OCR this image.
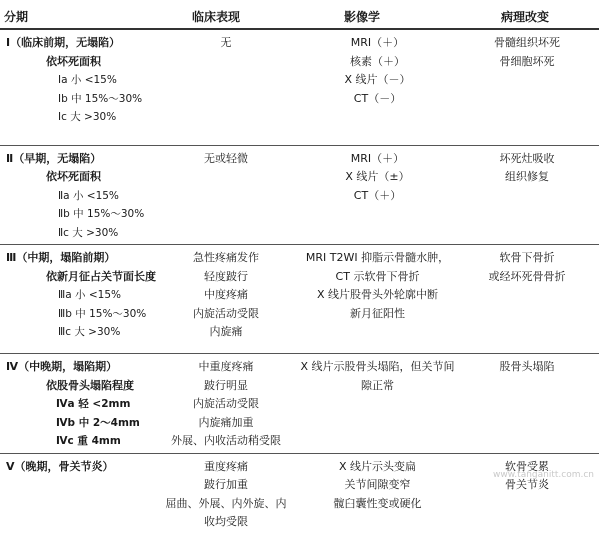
分期	临床表现	影像学	病理改变

Ⅰ（临床前期，无塌陷）
依坏死面积
Ⅰa 小 <15%
Ⅰb 中 15%～30%
Ⅰc 大 >30%	无	MRI（＋）
核素（＋）
X 线片（－）
CT（－）	骨髓组织坏死
骨细胞坏死

Ⅱ（早期，无塌陷）
依坏死面积
Ⅱa 小 <15%
Ⅱb 中 15%～30%
Ⅱc 大 >30%	无或轻微	MRI（＋）
X 线片（±）
CT（＋）	坏死灶吸收
组织修复

Ⅲ（中期，塌陷前期）
依新月征占关节面长度
Ⅲa 小 <15%
Ⅲb 中 15%～30%
Ⅲc 大 >30%	急性疼痛发作
轻度跛行
中度疼痛
内旋活动受限
内旋痛	MRI T2WI 抑脂示骨髓水肿，
CT 示软骨下骨折
X 线片股骨头外轮廓中断
新月征阳性	软骨下骨折
或经坏死骨骨折

Ⅳ（中晚期，塌陷期）
依股骨头塌陷程度
Ⅳa 轻 <2mm
Ⅳb 中 2～4mm
Ⅳc 重 4mm	中重度疼痛
跛行明显
内旋活动受限
内旋痛加重
外展、内收活动稍受限	X 线片示股骨头塌陷，但关节间
隙正常	股骨头塌陷

Ⅴ（晚期，骨关节炎）	重度疼痛
跛行加重
屈曲、外展、内外旋、内
收均受限	X 线片示头变扁
关节间隙变窄
髋臼囊性变或硬化	软骨受累
骨关节炎
www.tanganitt.com.cn
